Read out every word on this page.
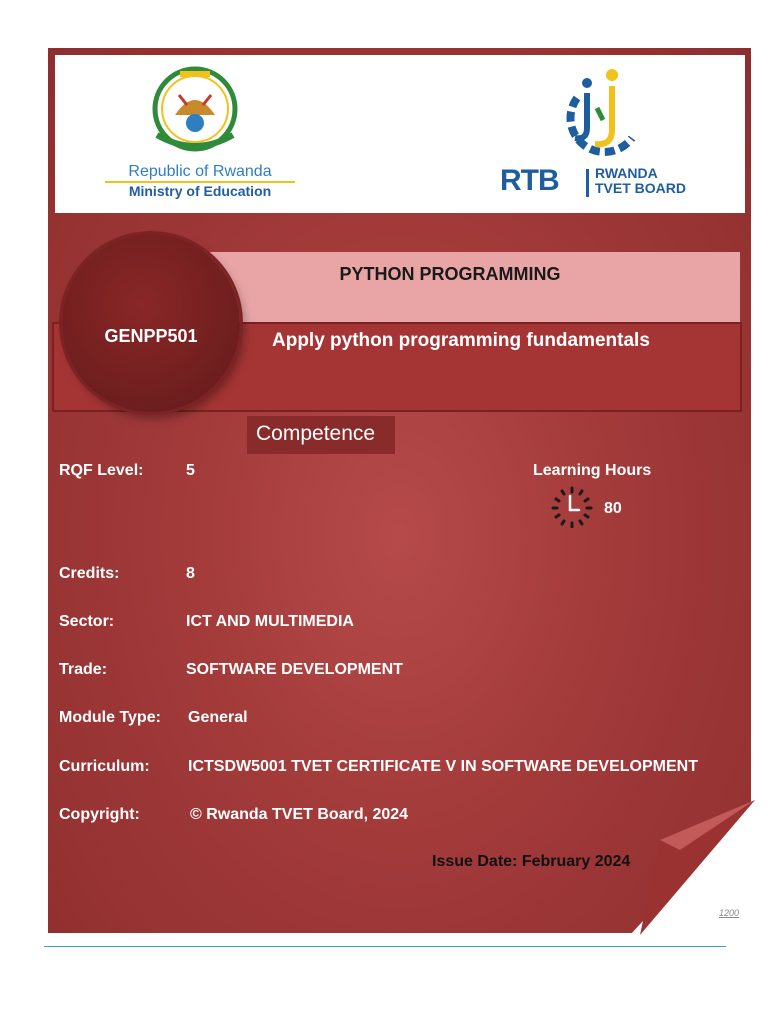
Republic of Rwanda
Ministry of Education	RTB	RWANDA
TVET BOARD
PYTHON PROGRAMMING
Apply python programming fundamentals
GENPP501
Competence
RQF Level:	5	Learning Hours
80
Credits:	8
Sector:	ICT AND MULTIMEDIA
Trade:	SOFTWARE DEVELOPMENT
Module Type: General
Curriculum: ICTSDW5001 TVET CERTIFICATE V IN SOFTWARE DEVELOPMENT
Copyright:	© Rwanda TVET Board, 2024
Issue Date: February 2024
1200
